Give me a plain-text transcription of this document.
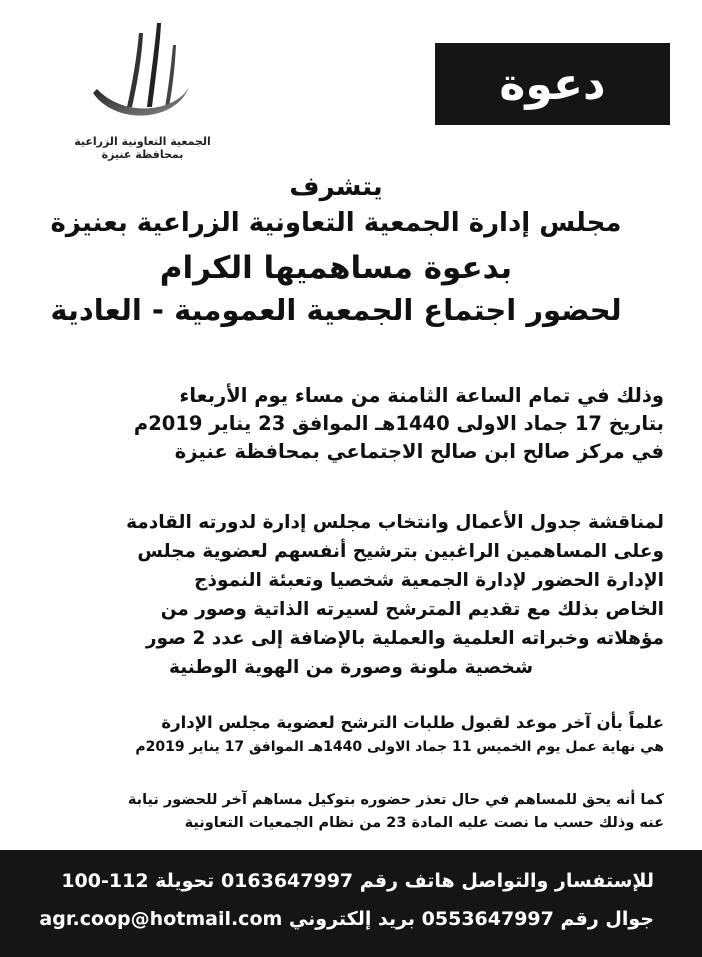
الجمعية التعاونية الزراعية بمحافظة عنيزة
دعوة
يتشرف
مجلس إدارة الجمعية التعاونية الزراعية بعنيزة
بدعوة مساهميها الكرام
لحضور اجتماع الجمعية العمومية - العادية
وذلك في تمام الساعة الثامنة من مساء يوم الأربعاء
بتاريخ 17 جماد الاولى 1440هـ الموافق 23 يناير 2019م
في مركز صالح ابن صالح الاجتماعي بمحافظة عنيزة
لمناقشة جدول الأعمال وانتخاب مجلس إدارة لدورته القادمة
وعلى المساهمين الراغبين بترشيح أنفسهم لعضوية مجلس
الإدارة الحضور لإدارة الجمعية شخصيا وتعبئة النموذج
الخاص بذلك مع تقديم المترشح لسيرته الذاتية وصور من
مؤهلاته وخبراته العلمية والعملية بالإضافة إلى عدد 2 صور
شخصية ملونة وصورة من الهوية الوطنية
علماً بأن آخر موعد لقبول طلبات الترشح لعضوية مجلس الإدارة
هي نهاية عمل يوم الخميس 11 جماد الاولى 1440هـ الموافق 17 يناير 2019م
كما أنه يحق للمساهم في حال تعذر حضوره بتوكيل مساهم آخر للحضور نيابة
عنه وذلك حسب ما نصت عليه المادة 23 من نظام الجمعيات التعاونية
للإستفسار والتواصل هاتف رقم 0163647997 تحويلة 112-100
جوال رقم 0553647997 بريد إلكتروني agr.coop@hotmail.com
